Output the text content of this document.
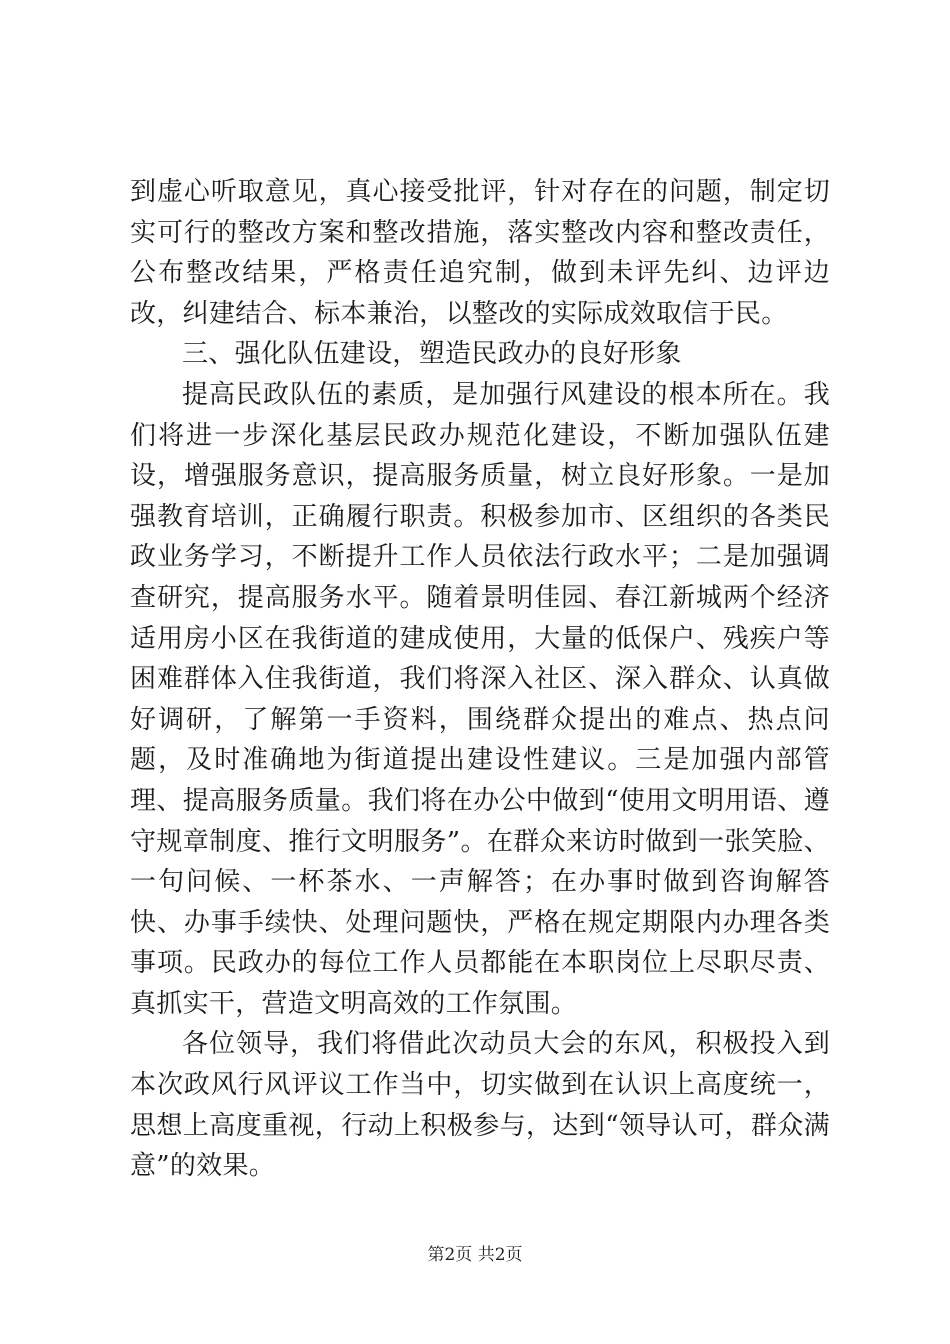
到虚心听取意见，真心接受批评，针对存在的问题，制定切实可行的整改方案和整改措施，落实整改内容和整改责任，公布整改结果，严格责任追究制，做到未评先纠、边评边改，纠建结合、标本兼治，以整改的实际成效取信于民。

三、强化队伍建设，塑造民政办的良好形象

提高民政队伍的素质，是加强行风建设的根本所在。我们将进一步深化基层民政办规范化建设，不断加强队伍建设，增强服务意识，提高服务质量，树立良好形象。一是加强教育培训，正确履行职责。积极参加市、区组织的各类民政业务学习，不断提升工作人员依法行政水平；二是加强调查研究，提高服务水平。随着景明佳园、春江新城两个经济适用房小区在我街道的建成使用，大量的低保户、残疾户等困难群体入住我街道，我们将深入社区、深入群众、认真做好调研，了解第一手资料，围绕群众提出的难点、热点问题，及时准确地为街道提出建设性建议。三是加强内部管理、提高服务质量。我们将在办公中做到“使用文明用语、遵守规章制度、推行文明服务”。在群众来访时做到一张笑脸、一句问候、一杯茶水、一声解答；在办事时做到咨询解答快、办事手续快、处理问题快，严格在规定期限内办理各类事项。民政办的每位工作人员都能在本职岗位上尽职尽责、真抓实干，营造文明高效的工作氛围。

各位领导，我们将借此次动员大会的东风，积极投入到本次政风行风评议工作当中，切实做到在认识上高度统一，思想上高度重视，行动上积极参与，达到“领导认可，群众满意”的效果。

第2页 共2页
